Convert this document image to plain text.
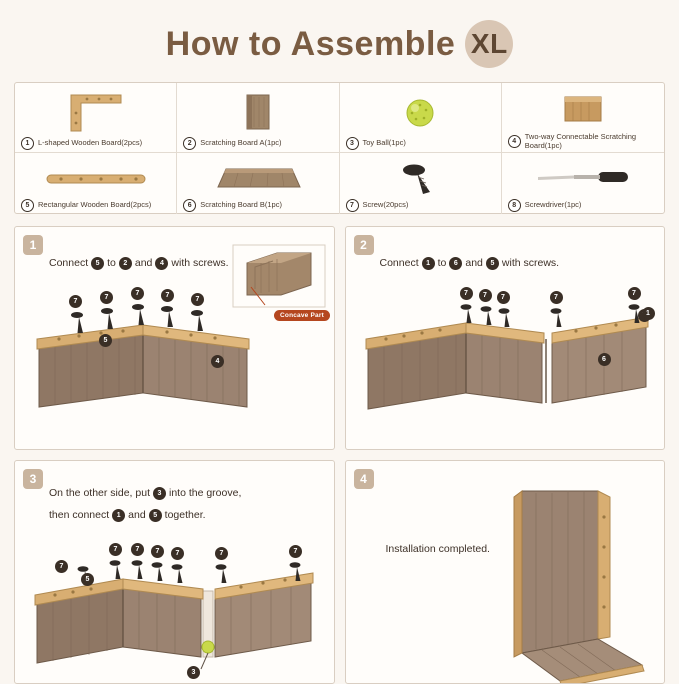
How to Assemble XL
1	L-shaped Wooden Board(2pcs)	2	Scratching Board A(1pc)	3	Toy Ball(1pc)	4
Two-way Connectable Scratching Board(1pc)
5	Rectangular Wooden Board(2pcs)	6	Scratching Board B(1pc)	7	Screw(20pcs)	8	Screwdriver(1pc)
1
Connect	5 to	2 and	4 with screws.
7
7
7	7
7
5
4
Concave Part
2
Connect	1 to	6 and	5 with screws.
7	7	7	7
7
1
6
3
On the other side, put	3 into the groove,
then connect	1 and	5 together.
7
7	7	7	7	7	7
5
3
4
Installation completed.
